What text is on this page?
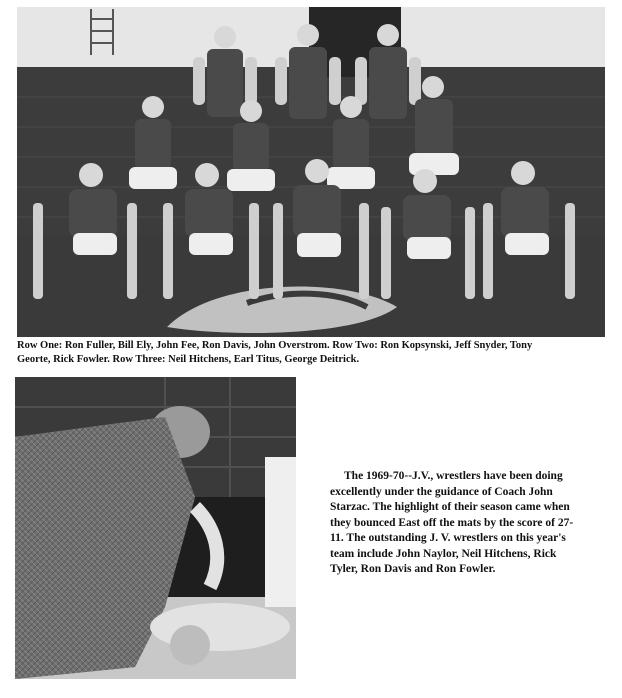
Row One: Ron Fuller, Bill Ely, John Fee, Ron Davis, John Overstrom. Row Two: Ron Kopsynski, Jeff Snyder, Tony Georte, Rick Fowler. Row Three: Neil Hitchens, Earl Titus, George Deitrick.
The 1969-70--J.V., wrestlers have been doing excellently under the guidance of Coach John Starzac. The highlight of their season came when they bounced East off the mats by the score of 27-11. The outstanding J. V. wrestlers on this year's team include John Naylor, Neil Hitchens, Rick Tyler, Ron Davis and Ron Fowler.
